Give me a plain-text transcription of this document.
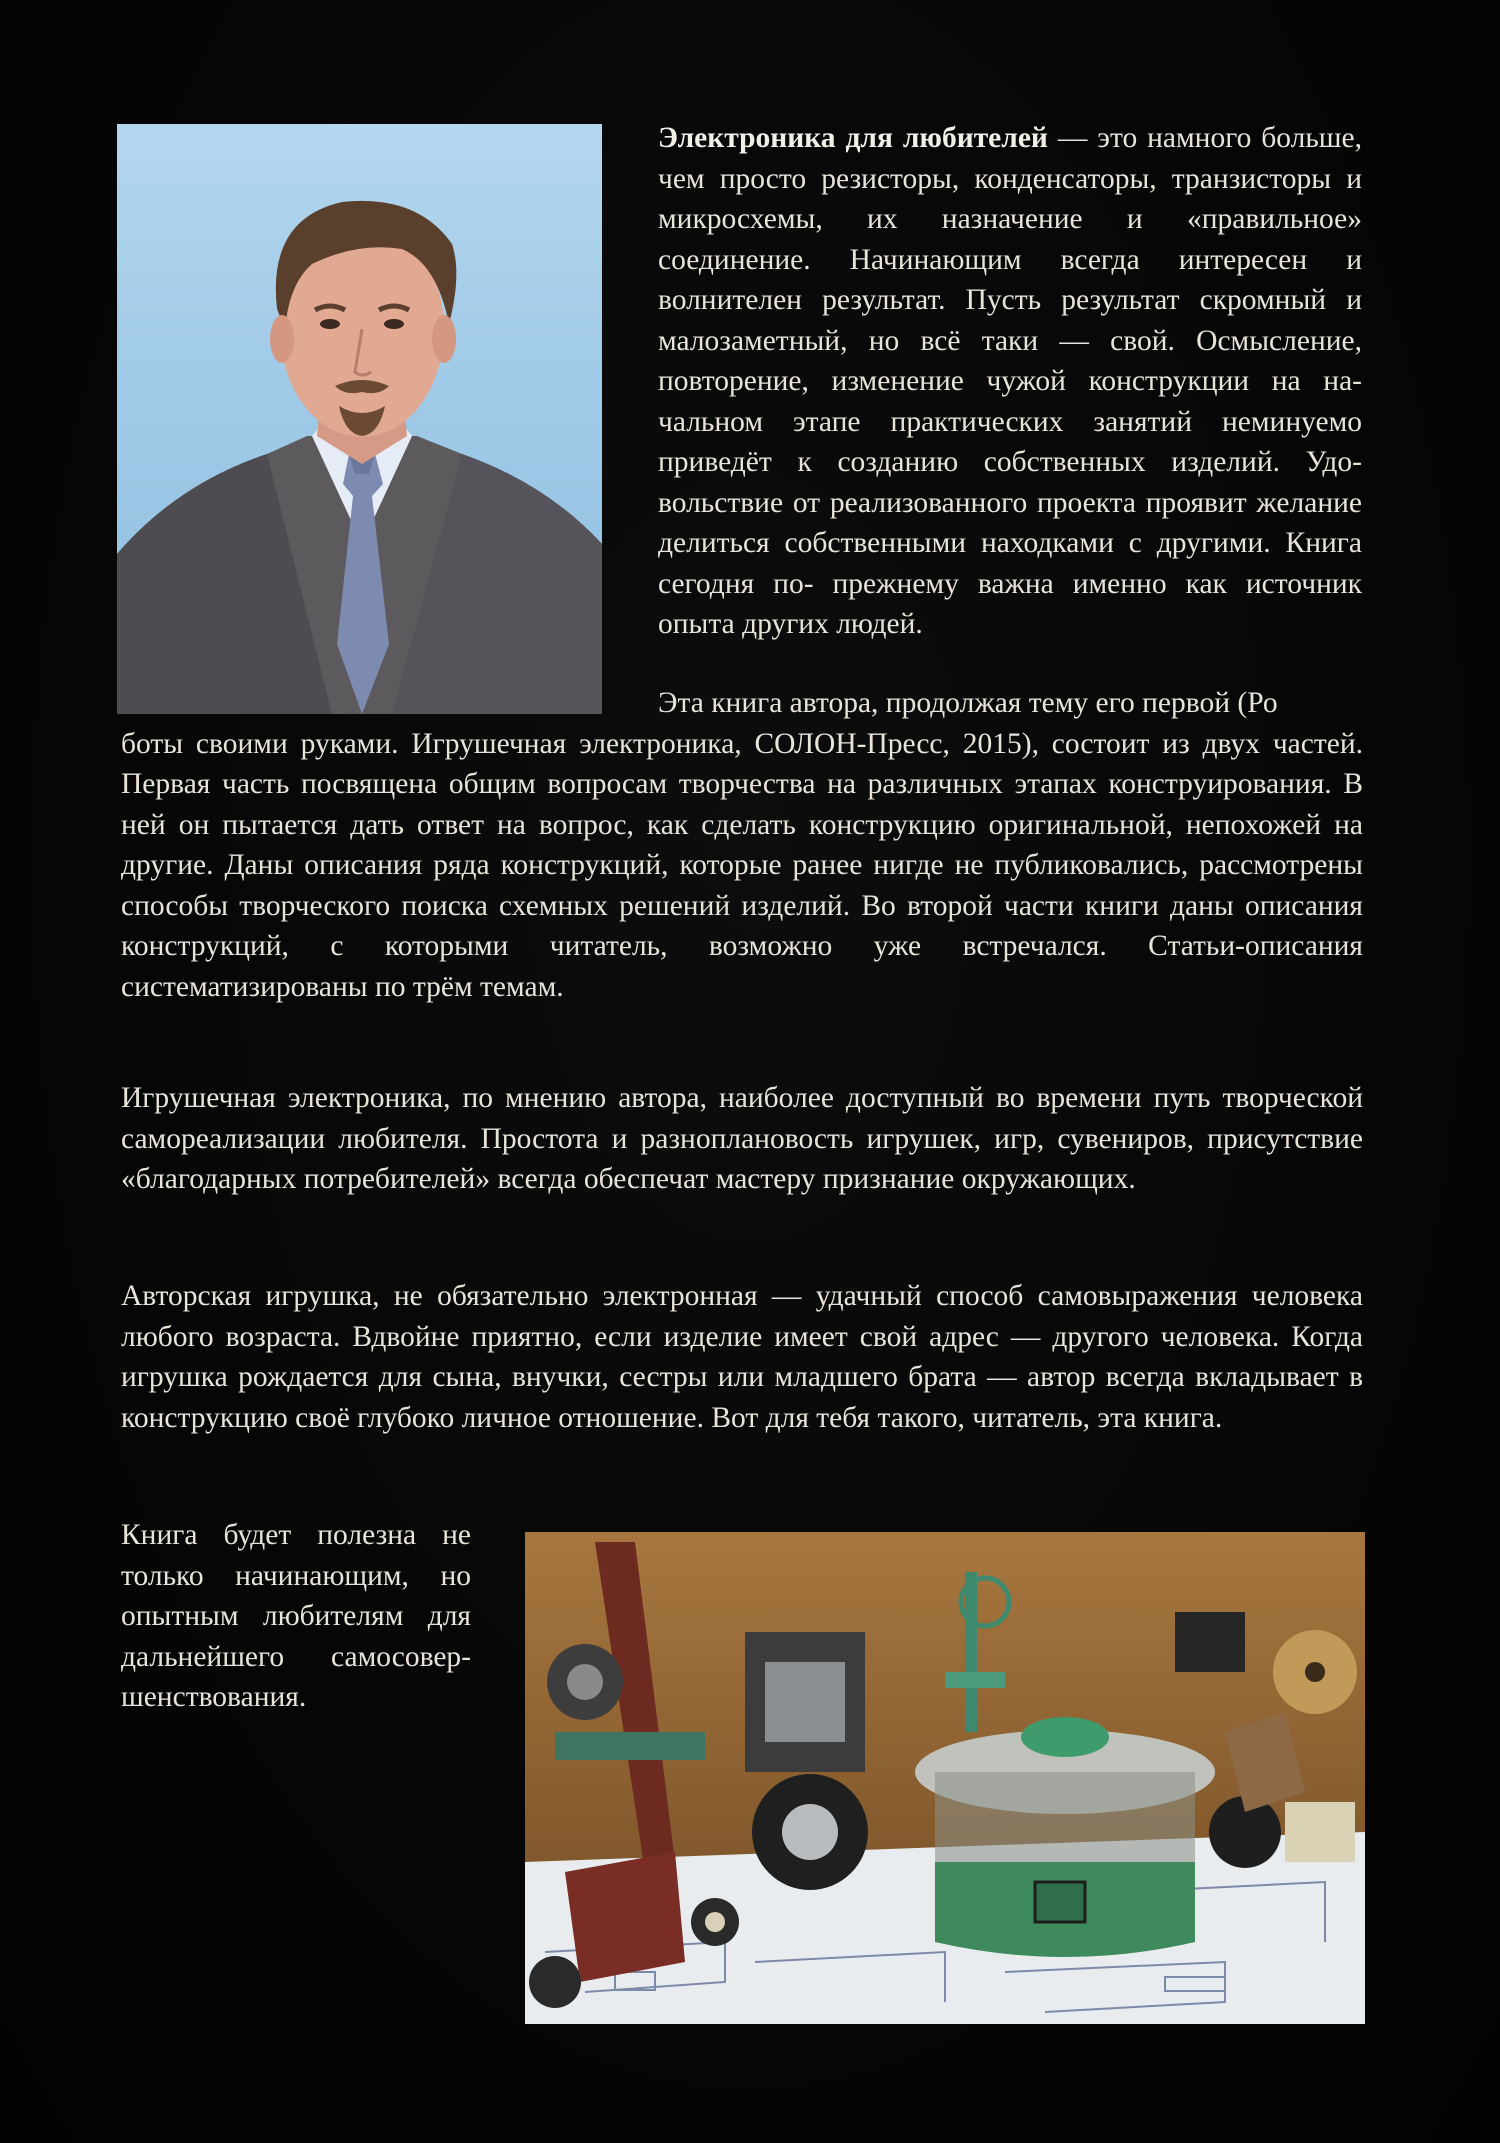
Электроника для любителей — это намного больше, чем просто резисторы, конденсаторы, транзисторы и микросхемы, их назначение и «правильное» соединение. Начинающим всегда интересен и волнителен результат. Пусть результат скромный и малозаметный, но всё таки — свой. Осмысление, повторение, изменение чужой конструкции на начальном этапе практических занятий неминуемо приведёт к созданию собственных изделий. Удовольствие от реализованного проекта проявит желание делиться собственными находками с другими. Книга сегодня по- прежнему важна именно как источник опыта других людей.

Эта книга автора, продолжая тему его первой (Ро
боты своими руками. Игрушечная электроника, СОЛОН-Пресс, 2015), состоит из двух частей. Первая часть посвящена общим вопросам творчества на различных этапах конструирования. В ней он пытается дать ответ на вопрос, как сделать конструкцию оригинальной, непохожей на другие. Даны описания ряда конструкций, которые ранее нигде не публиковались, рассмотрены способы творческого поиска схемных решений изделий. Во второй части книги даны описания конструкций, с которыми читатель, возможно уже встречался. Статьи-описания систематизированы по трём темам.

Игрушечная электроника, по мнению автора, наиболее доступный во времени путь творческой самореализации любителя. Простота и разноплановость игрушек, игр, сувениров, присутствие «благодарных потребителей» всегда обеспечат мастеру признание окружающих.

Авторская игрушка, не обязательно электронная — удачный способ самовыражения человека любого возраста. Вдвойне приятно, если изделие имеет свой адрес — другого человека. Когда игрушка рождается для сына, внучки, сестры или младшего брата — автор всегда вкладывает в конструкцию своё глубоко личное отношение. Вот для тебя такого, читатель, эта книга.

Книга будет полезна не только начинающим, но опытным любителям для дальнейшего самосовершенствования.
